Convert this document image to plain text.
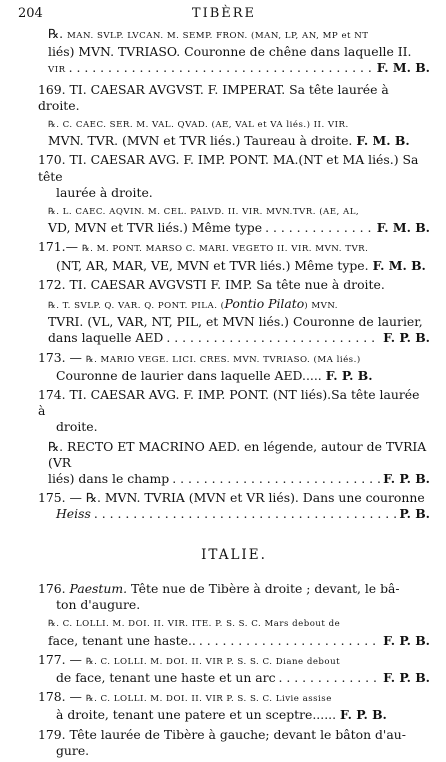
204	TIBÈRE
℞. MAN. SVLP. LVCAN. M. SEMP. FRON. (MAN, LP, AN, MP et NT
liés) MVN. TVRIASO. Couronne de chêne dans laquelle II.
VIR . . .	F. M. B.
169. TI. CAESAR AVGVST. F. IMPERAT. Sa tête laurée à droite.
℞. C. CAEC. SER. M. VAL. QVAD. (AE, VAL et VA liés.) II. VIR.
MVN. TVR. (MVN et TVR liés.) Taureau à droite. F. M. B.
170. TI. CAESAR AVG. F. IMP. PONT. MA.(NT et MA liés.) Sa tête
laurée à droite.
℞. L. CAEC. AQVIN. M. CEL. PALVD. II. VIR. MVN.TVR. (AE, AL,
VD, MVN et TVR liés.) Même type . . .	F. M. B.
171.— ℞. M. PONT. MARSO C. MARI. VEGETO II. VIR. MVN. TVR.
(NT, AR, MAR, VE, MVN et TVR liés.) Même type. F. M. B.
172. TI. CAESAR AVGVSTI F. IMP. Sa tête nue à droite.
℞. T. SVLP. Q. VAR. Q. PONT. PILA. (Pontio Pilato) MVN.
TVRI. (VL, VAR, NT, PIL, et MVN liés.) Couronne de laurier,
dans laquelle AED . . .	F. P. B.
173. — ℞. MARIO VEGE. LICI. CRES. MVN. TVRIASO. (MA liés.)
Couronne de laurier dans laquelle AED..... F. P. B.
174. TI. CAESAR AVG. F. IMP. PONT. (NT liés).Sa tête laurée à
droite.
℞. RECTO ET MACRINO AED. en légende, autour de TVRIA (VR
liés) dans le champ . . .	F. P. B.
175. — ℞. MVN. TVRIA (MVN et VR liés). Dans une couronne
Heiss . . .	P. B.
ITALIE.
176. Paestum. Tête nue de Tibère à droite ; devant, le bâ-
ton d'augure.
℞. C. LOLLI. M. DOI. II. VIR. ITE. P. S. S. C. Mars debout de
face, tenant une haste.. . . .	F. P. B.
177. — ℞. C. LOLLI. M. DOI. II. VIR P. S. S. C. Diane debout
de face, tenant une haste et un arc . . .	F. P. B.
178. — ℞. C. LOLLI. M. DOI. II. VIR P. S. S. C. Livie assise
à droite, tenant une patere et un sceptre...... F. P. B.
179. Tête laurée de Tibère à gauche; devant le bâton d'au-
gure.
